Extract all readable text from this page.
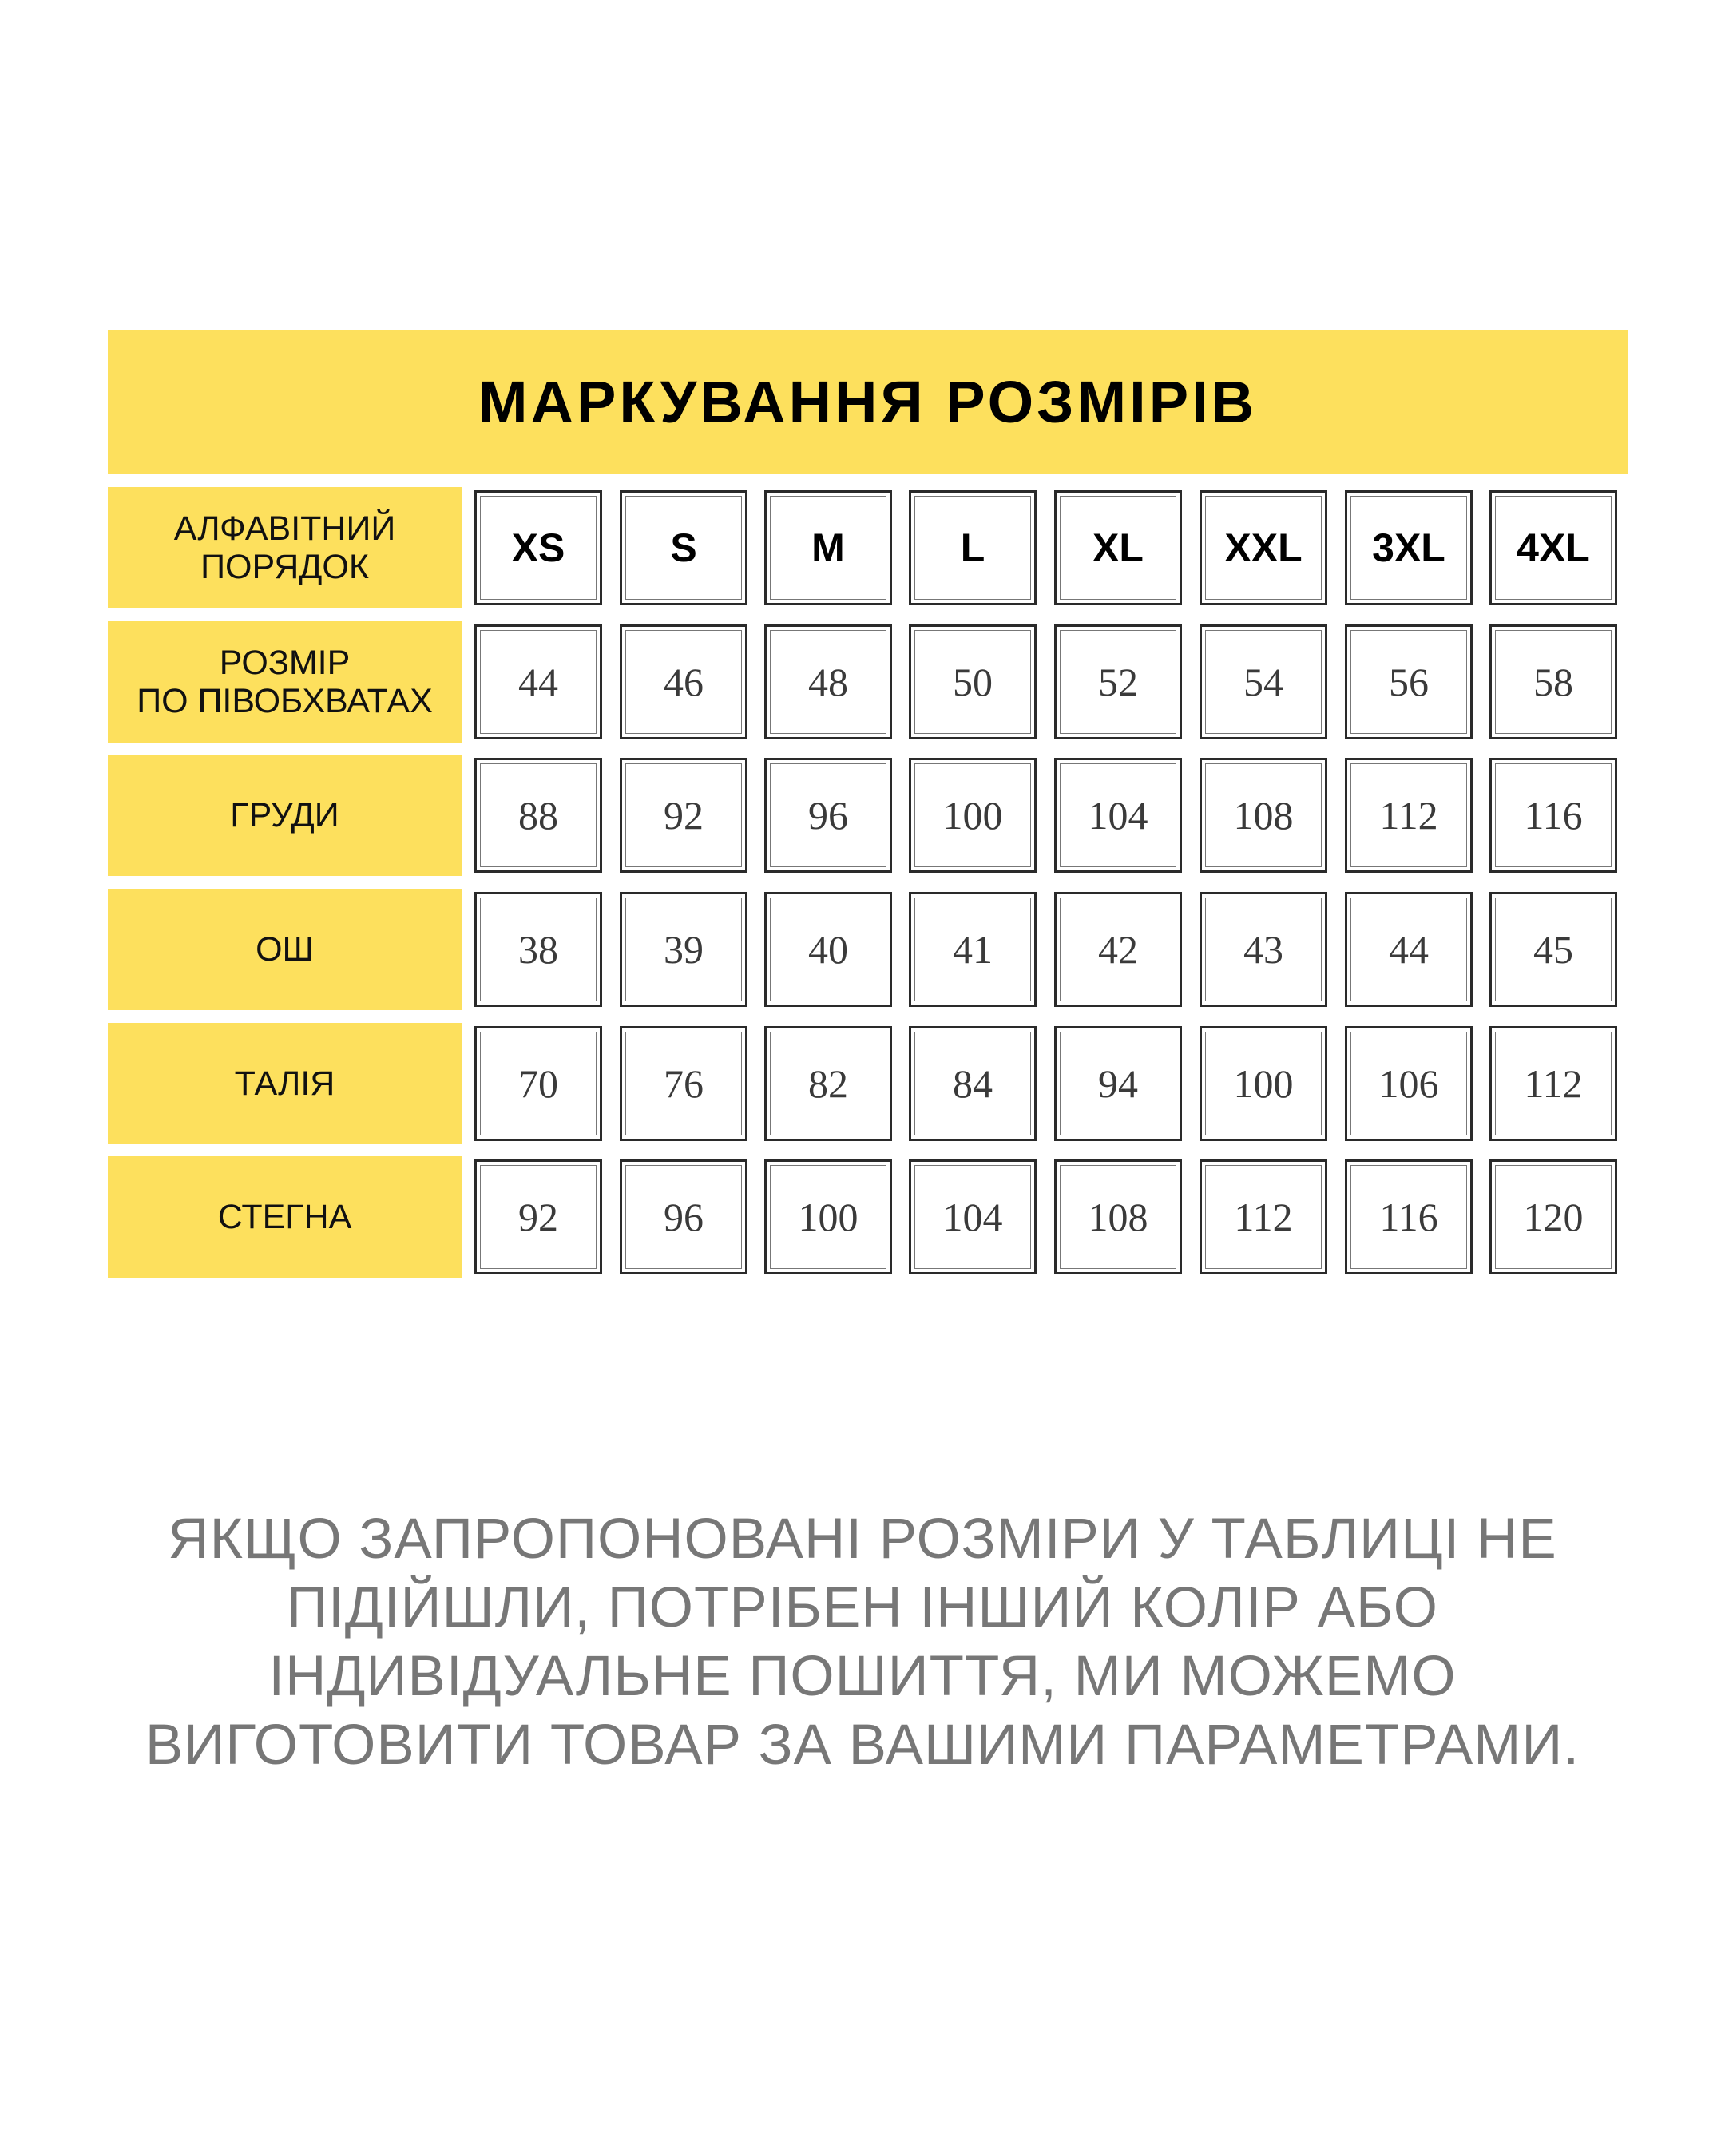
МАРКУВАННЯ РОЗМІРІВ
АЛФАВІТНИЙ
ПОРЯДОК	XS	S	M	L	XL	XXL	3XL	4XL
РОЗМІР
ПО ПІВОБХВАТАХ	44	46	48	50	52	54	56	58
ГРУДИ	88	92	96	100	104	108	112	116
ОШ	38	39	40	41	42	43	44	45
ТАЛІЯ	70	76	82	84	94	100	106	112
СТЕГНА	92	96	100	104	108	112	116	120
ЯКЩО ЗАПРОПОНОВАНІ РОЗМІРИ У ТАБЛИЦІ НЕ
ПІДІЙШЛИ, ПОТРІБЕН ІНШИЙ КОЛІР АБО
ІНДИВІДУАЛЬНЕ ПОШИТТЯ, МИ МОЖЕМО
ВИГОТОВИТИ ТОВАР ЗА ВАШИМИ ПАРАМЕТРАМИ.
